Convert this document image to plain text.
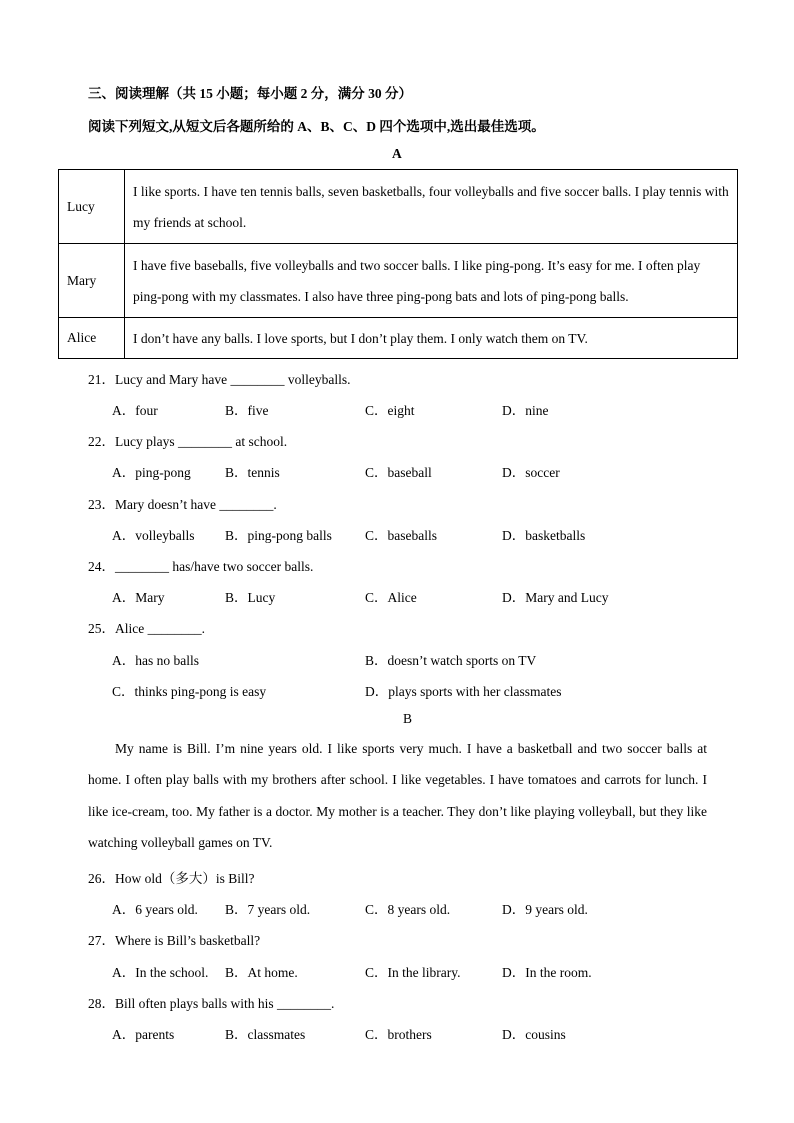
三、阅读理解（共 15 小题；每小题 2 分，满分 30 分）
阅读下列短文,从短文后各题所给的 A、B、C、D 四个选项中,选出最佳选项。
A
Lucy	I like sports. I have ten tennis balls, seven basketballs, four volleyballs and five soccer balls. I play tennis with my friends at school.
Mary	I have five baseballs, five volleyballs and two soccer balls. I like ping-pong. It’s easy for me. I often play ping-pong with my classmates. I also have three ping-pong bats and lots of ping-pong balls.
Alice	I don’t have any balls. I love sports, but I don’t play them. I only watch them on TV.
21．Lucy and Mary have ________ volleyballs.
A．four	B．five	C．eight	D．nine
22．Lucy plays ________ at school.
A．ping-pong	B．tennis	C．baseball	D．soccer
23．Mary doesn’t have ________.
A．volleyballs B．ping-pong balls C．baseballs	D．basketballs
24．________ has/have two soccer balls.
A．Mary	B．Lucy	C．Alice	D．Mary and Lucy
25．Alice ________.
A．has no balls	B．doesn’t watch sports on TV
C．thinks ping-pong is easy	D．plays sports with her classmates
B

My name is Bill. I’m nine years old. I like sports very much. I have a basketball and two soccer balls at home. I often play balls with my brothers after school. I like vegetables. I have tomatoes and carrots for lunch. I like ice-cream, too. My father is a doctor. My mother is a teacher. They don’t like playing volleyball, but they like watching volleyball games on TV.

26．How old（多大）is Bill?
A．6 years old. B．7 years old.	C．8 years old.	D．9 years old.
27．Where is Bill’s basketball?
A．In the school. B．At home.	C．In the library.	D．In the room.
28．Bill often plays balls with his ________.
A．parents	B．classmates	C．brothers	D．cousins
